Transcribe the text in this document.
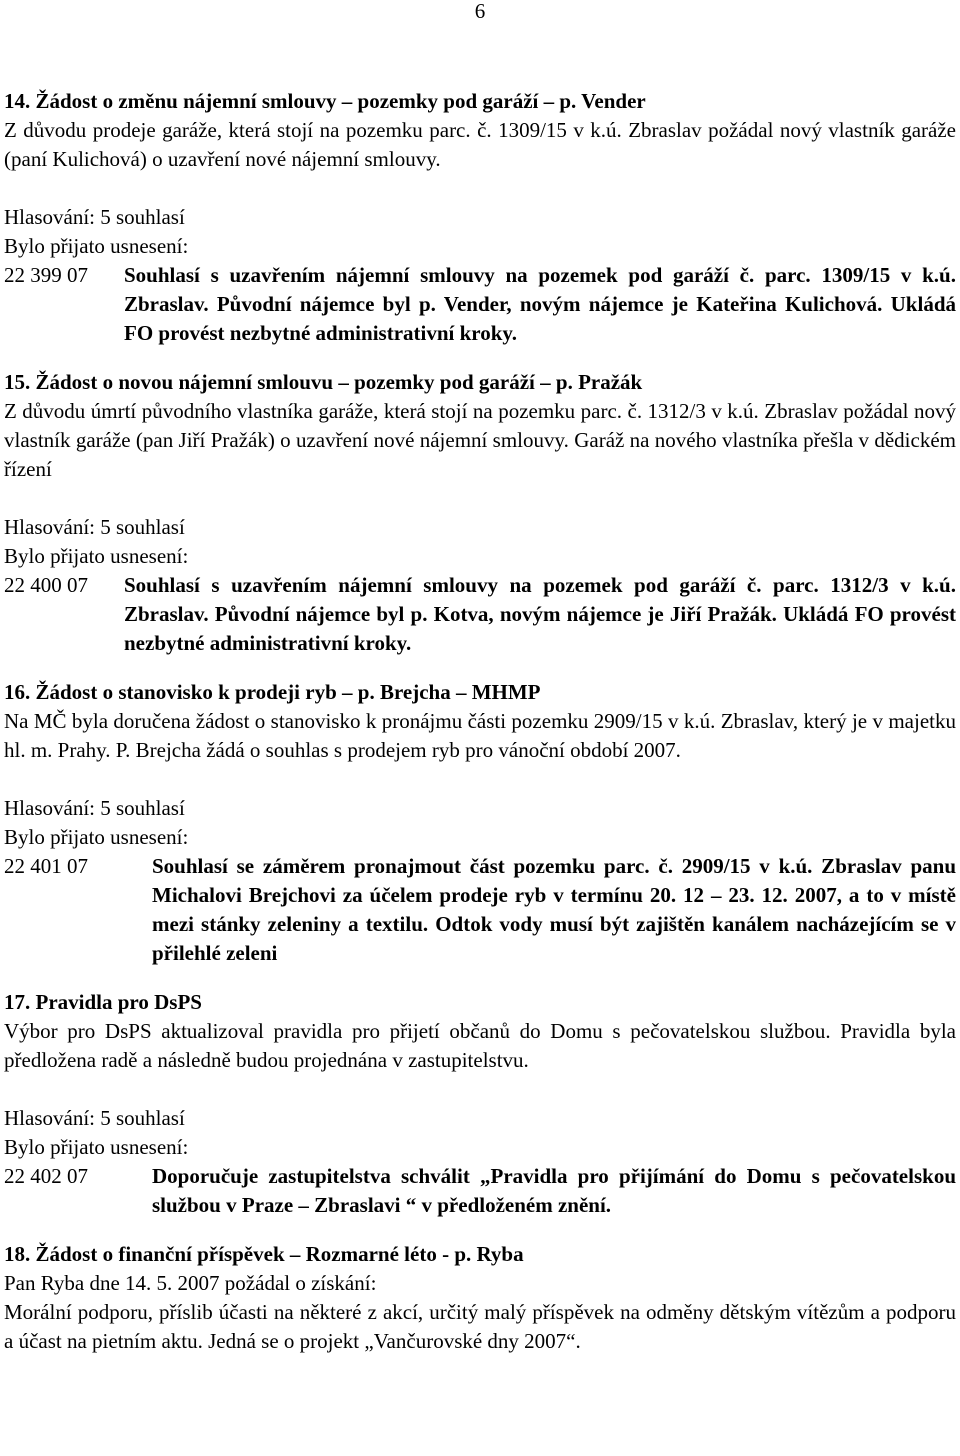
6
14. Žádost o změnu nájemní smlouvy – pozemky pod garáží – p. Vender

Z důvodu prodeje garáže, která stojí na pozemku parc. č. 1309/15 v k.ú. Zbraslav požádal nový vlastník garáže (paní Kulichová) o uzavření nové nájemní smlouvy.

Hlasování: 5 souhlasí
Bylo přijato usnesení:
22 399 07	Souhlasí s uzavřením nájemní smlouvy na pozemek pod garáží č. parc. 1309/15 v k.ú. Zbraslav. Původní nájemce byl p. Vender, novým nájemce je Kateřina Kulichová. Ukládá FO provést nezbytné administrativní kroky.
15. Žádost o novou nájemní smlouvu – pozemky pod garáží – p. Pražák

Z důvodu úmrtí původního vlastníka garáže, která stojí na pozemku parc. č. 1312/3 v k.ú. Zbraslav požádal nový vlastník garáže (pan Jiří Pražák) o uzavření nové nájemní smlouvy. Garáž na nového vlastníka přešla v dědickém řízení

Hlasování: 5 souhlasí
Bylo přijato usnesení:
22 400 07	Souhlasí s uzavřením nájemní smlouvy na pozemek pod garáží č. parc. 1312/3 v k.ú. Zbraslav. Původní nájemce byl p. Kotva, novým nájemce je Jiří Pražák. Ukládá FO provést nezbytné administrativní kroky.
16. Žádost o stanovisko k prodeji ryb – p. Brejcha – MHMP

Na MČ byla doručena žádost o stanovisko k pronájmu části pozemku 2909/15 v k.ú. Zbraslav, který je v majetku hl. m. Prahy. P. Brejcha žádá o souhlas s prodejem ryb pro vánoční období 2007.

Hlasování: 5 souhlasí
Bylo přijato usnesení:
22 401 07	Souhlasí se záměrem pronajmout část pozemku parc. č. 2909/15 v k.ú. Zbraslav panu Michalovi Brejchovi za účelem prodeje ryb v termínu 20. 12 – 23. 12. 2007, a to v místě mezi stánky zeleniny a textilu. Odtok vody musí být zajištěn kanálem nacházejícím se v přilehlé zeleni
17. Pravidla pro DsPS

Výbor pro DsPS aktualizoval pravidla pro přijetí občanů do Domu s pečovatelskou službou. Pravidla byla předložena radě a následně budou projednána v zastupitelstvu.

Hlasování: 5 souhlasí
Bylo přijato usnesení:
22 402 07	Doporučuje zastupitelstva schválit „Pravidla pro přijímání do Domu s pečovatelskou službou v Praze – Zbraslavi “ v předloženém znění.
18. Žádost o finanční příspěvek – Rozmarné léto - p. Ryba
Pan Ryba dne 14. 5. 2007 požádal o získání:

Morální podporu, příslib účasti na některé z akcí, určitý malý příspěvek na odměny dětským vítězům a podporu a účast na pietním aktu. Jedná se o projekt „Vančurovské dny 2007“.
